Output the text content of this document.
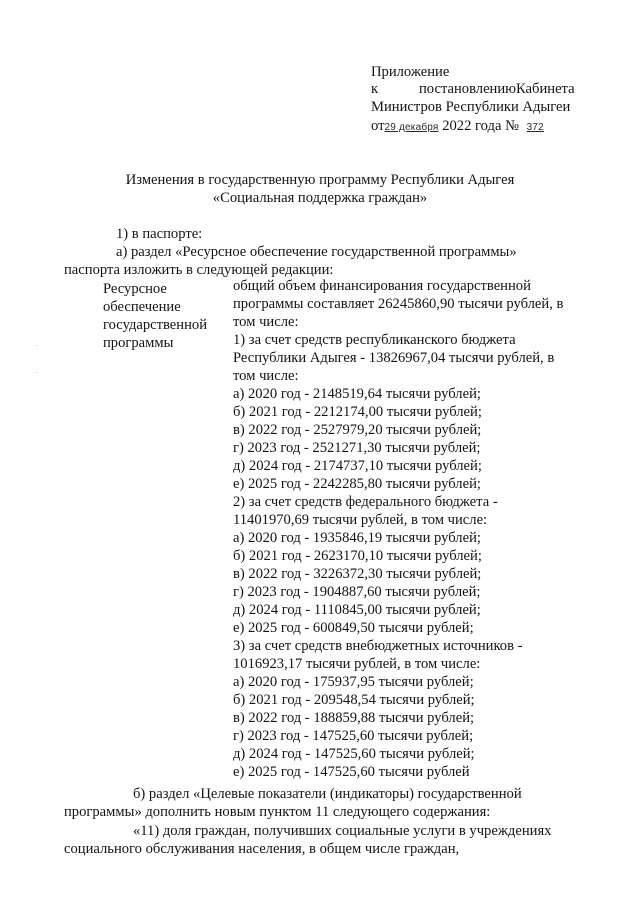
Приложение
к	постановлению Кабинета
Министров Республики Адыгеи
от29 декабря 2022 года № 372
Изменения в государственную программу Республики Адыгея
«Социальная поддержка граждан»
1) в паспорте:
а) раздел «Ресурсное обеспечение государственной программы»
паспорта изложить в следующей редакции:
Ресурсное
обеспечение
государственной
программы
общий объем финансирования государственной
программы составляет 26245860,90 тысячи рублей, в
том числе:
1) за счет средств республиканского бюджета
Республики Адыгея - 13826967,04 тысячи рублей, в
том числе:
а) 2020 год - 2148519,64 тысячи рублей;
б) 2021 год - 2212174,00 тысячи рублей;
в) 2022 год - 2527979,20 тысячи рублей;
г) 2023 год - 2521271,30 тысячи рублей;
д) 2024 год - 2174737,10 тысячи рублей;
е) 2025 год - 2242285,80 тысячи рублей;
2) за счет средств федерального бюджета -
11401970,69 тысячи рублей, в том числе:
а) 2020 год - 1935846,19 тысячи рублей;
б) 2021 год - 2623170,10 тысячи рублей;
в) 2022 год - 3226372,30 тысячи рублей;
г) 2023 год - 1904887,60 тысячи рублей;
д) 2024 год - 1110845,00 тысячи рублей;
е) 2025 год - 600849,50 тысячи рублей;
3) за счет средств внебюджетных источников -
1016923,17 тысячи рублей, в том числе:
а) 2020 год - 175937,95 тысячи рублей;
б) 2021 год - 209548,54 тысячи рублей;
в) 2022 год - 188859,88 тысячи рублей;
г) 2023 год - 147525,60 тысячи рублей;
д) 2024 год - 147525,60 тысячи рублей;
е) 2025 год - 147525,60 тысячи рублей
б) раздел «Целевые показатели (индикаторы) государственной
программы» дополнить новым пунктом 11 следующего содержания:
«11) доля граждан, получивших социальные услуги в учреждениях
социального обслуживания населения, в общем числе граждан,
